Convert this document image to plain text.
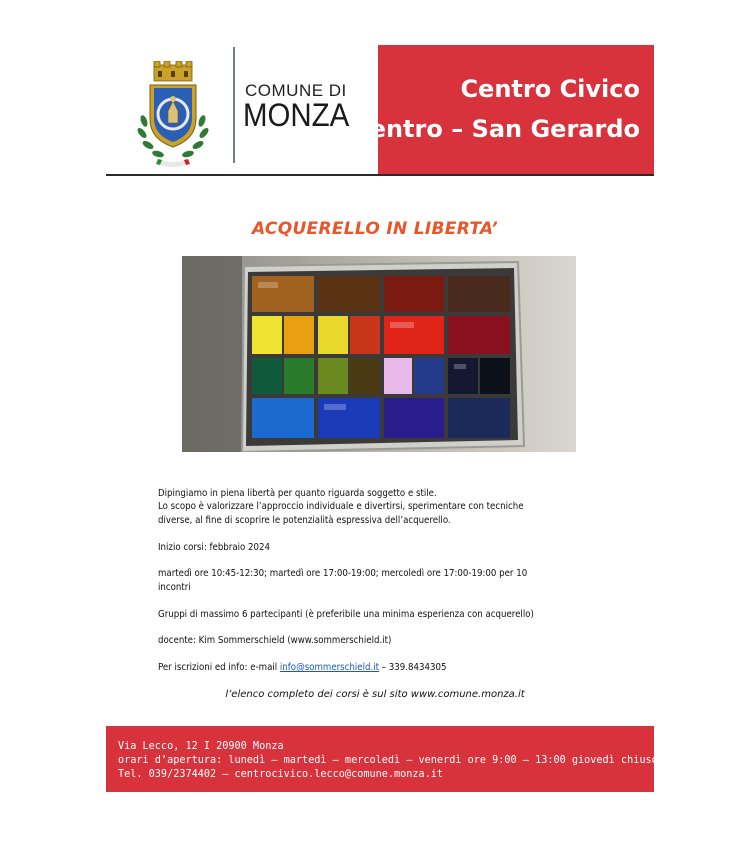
COMUNE DI
MONZA
Centro Civico
Centro – San Gerardo
ACQUERELLO IN LIBERTA’

Dipingiamo in piena libertà per quanto riguarda soggetto e stile.

Lo scopo è valorizzare l’approccio individuale e divertirsi, sperimentare con tecniche

diverse, al fine di scoprire le potenzialità espressiva dell’acquerello.

Inizio corsi: febbraio 2024

martedì ore 10:45-12:30; martedì ore 17:00-19:00; mercoledì ore 17:00-19:00 per 10

incontri

Gruppi di massimo 6 partecipanti (è preferibile una minima esperienza con acquerello)

docente: Kim Sommerschield (www.sommerschield.it)

Per iscrizioni ed info: e-mail info@sommerschield.it – 339.8434305

l’elenco completo dei corsi è sul sito www.comune.monza.it
Via Lecco, 12 I 20900 Monza
orari d’apertura: lunedì – martedì – mercoledì – venerdì ore 9:00 – 13:00 giovedì chiuso
Tel. 039/2374402 – centrocivico.lecco@comune.monza.it
